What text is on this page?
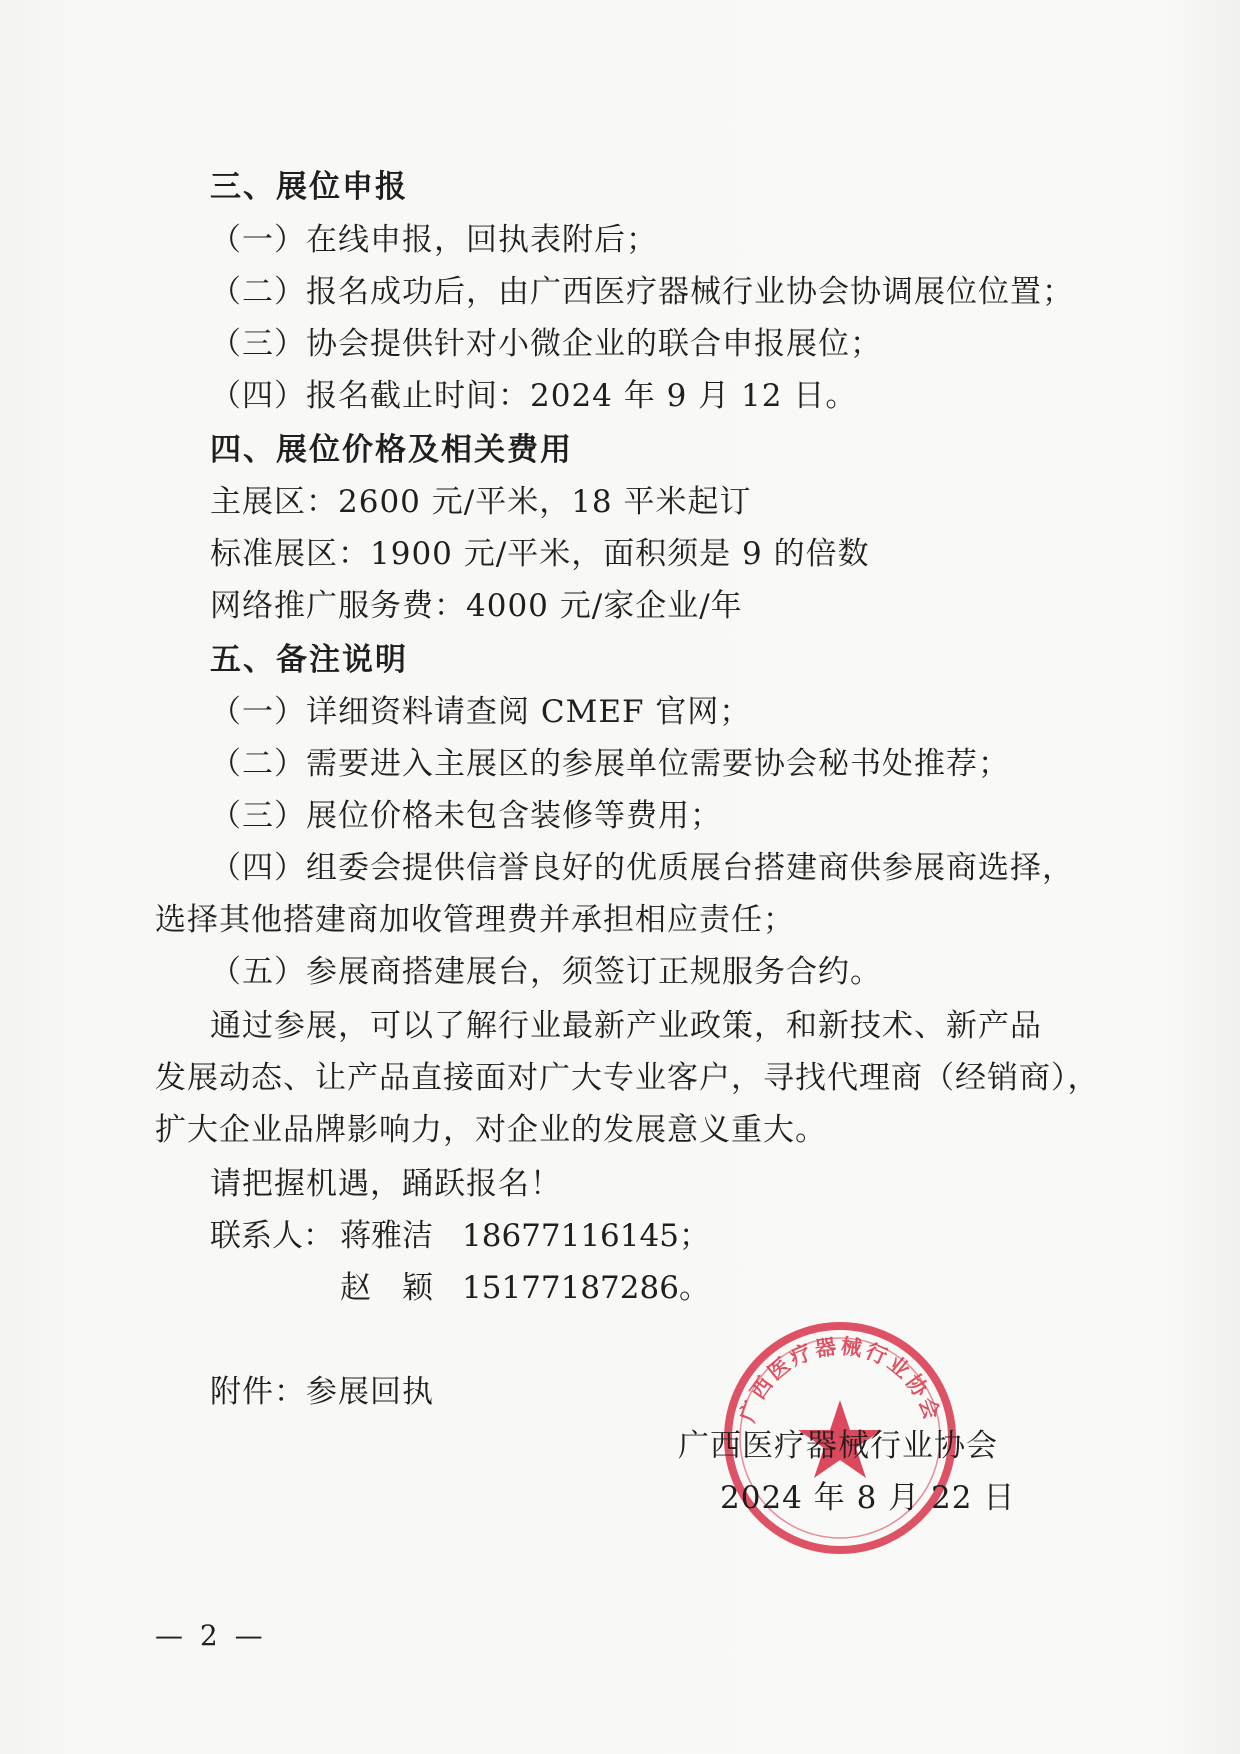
三、展位申报
（一）在线申报，回执表附后；
（二）报名成功后，由广西医疗器械行业协会协调展位位置；
（三）协会提供针对小微企业的联合申报展位；
（四）报名截止时间：2024 年 9 月 12 日。
四、展位价格及相关费用
主展区：2600 元/平米，18 平米起订
标准展区：1900 元/平米，面积须是 9 的倍数
网络推广服务费：4000 元/家企业/年
五、备注说明
（一）详细资料请查阅 CMEF 官网；
（二）需要进入主展区的参展单位需要协会秘书处推荐；
（三）展位价格未包含装修等费用；
（四）组委会提供信誉良好的优质展台搭建商供参展商选择，
选择其他搭建商加收管理费并承担相应责任；
（五）参展商搭建展台，须签订正规服务合约。
通过参展，可以了解行业最新产业政策，和新技术、新产品
发展动态、让产品直接面对广大专业客户，寻找代理商（经销商），
扩大企业品牌影响力，对企业的发展意义重大。
请把握机遇，踊跃报名！
联系人： 蒋雅洁 18677116145；
赵　颖 15177187286。
附件：参展回执	广西医疗器械行业协会
广西医疗器械行业协会
2024 年 8 月 22 日
— 2 —
